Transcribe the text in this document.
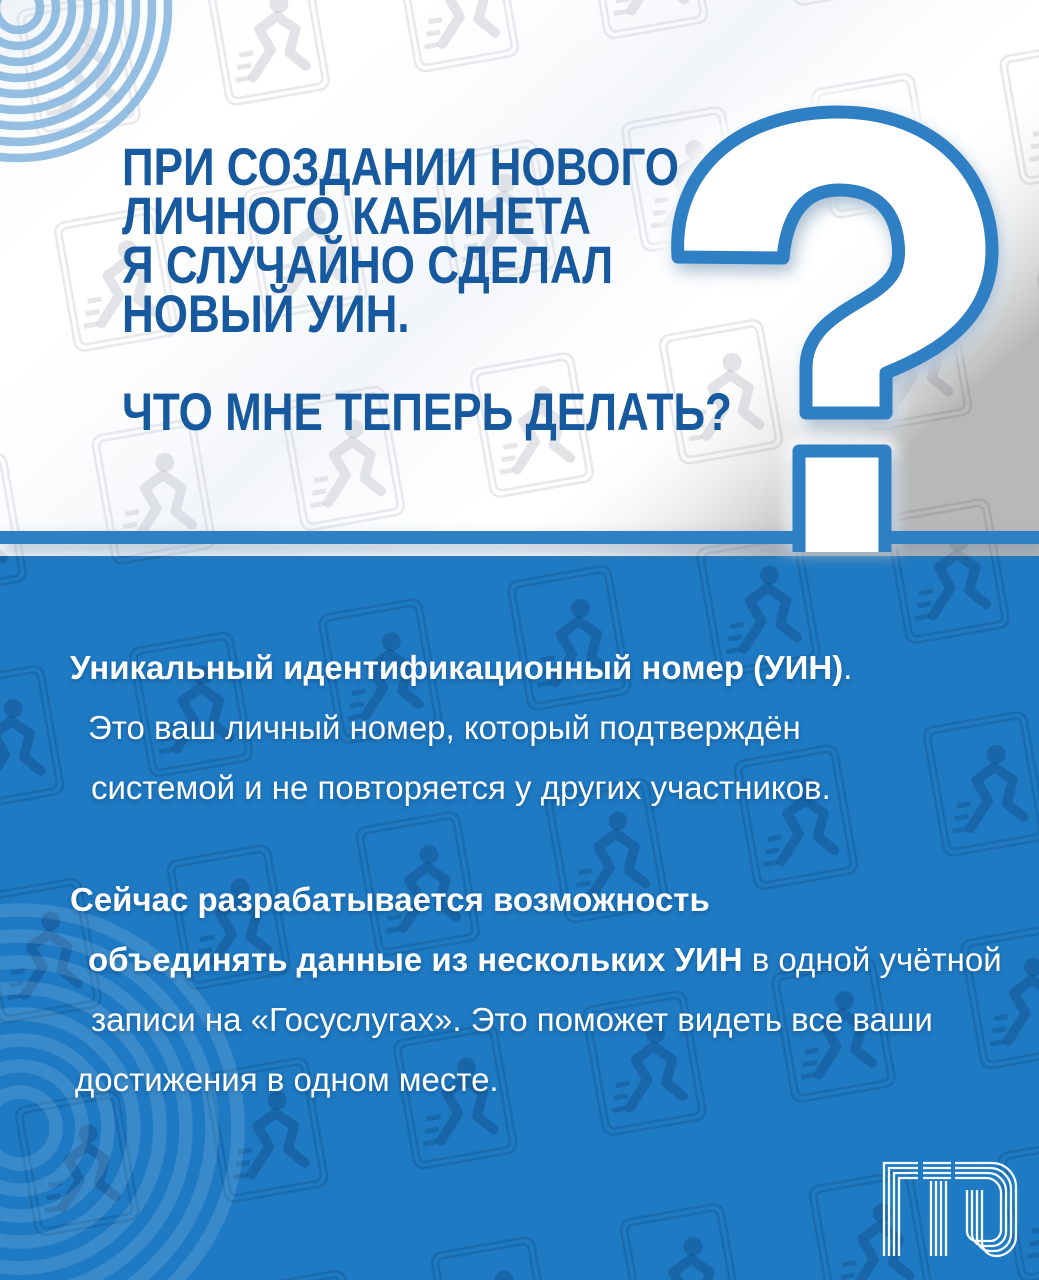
ПРИ СОЗДАНИИ НОВОГО
ЛИЧНОГО КАБИНЕТА
Я СЛУЧАЙНО СДЕЛАЛ
НОВЫЙ УИН.
ЧТО МНЕ ТЕПЕРЬ ДЕЛАТЬ?

Уникальный идентификационный номер (УИН).
Это ваш личный номер, который подтверждён
системой и не повторяется у других участников.

Сейчас разрабатывается возможность
объединять данные из нескольких УИН в одной учётной
записи на «Госуслугах». Это поможет видеть все ваши
достижения в одном месте.
